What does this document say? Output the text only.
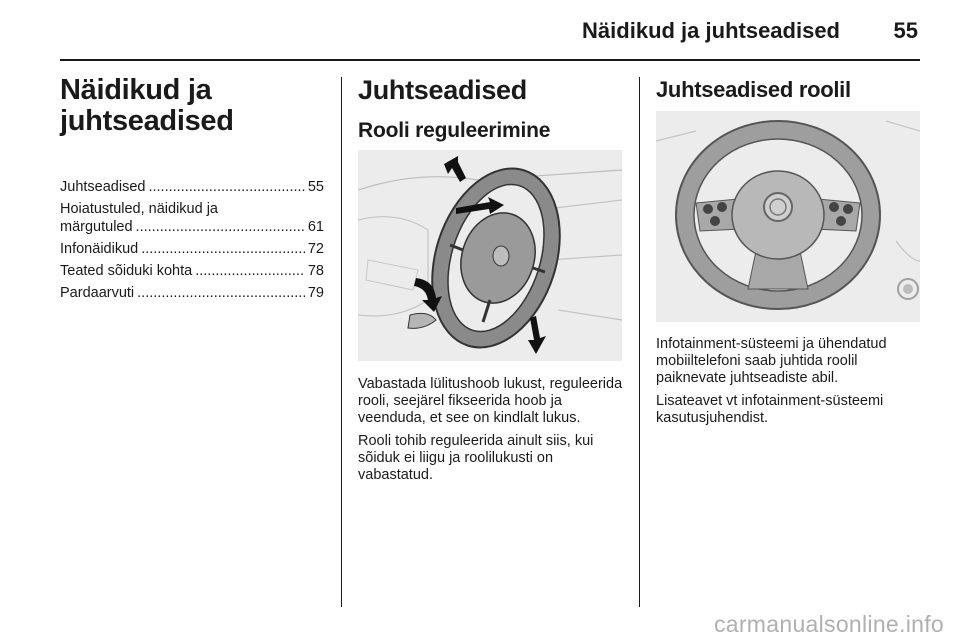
Näidikud ja juhtseadised 55
Näidikud ja juhtseadised
Juhtseadised .....	55
Hoiatustuled, näidikud ja
märgutuled .....	61
Infonäidikud .....	72
Teated sõiduki kohta .....	78
Pardaarvuti .....	79
Juhtseadised
Rooli reguleerimine

Vabastada lülitushoob lukust, reguleerida rooli, seejärel fikseerida hoob ja veenduda, et see on kindlalt lukus.

Rooli tohib reguleerida ainult siis, kui sõiduk ei liigu ja roolilukusti on vabastatud.

Juhtseadised roolil

Infotainment-süsteemi ja ühendatud mobiiltelefoni saab juhtida roolil paiknevate juhtseadiste abil.

Lisateavet vt infotainment-süsteemi kasutusjuhendist.

carmanualsonline.info
